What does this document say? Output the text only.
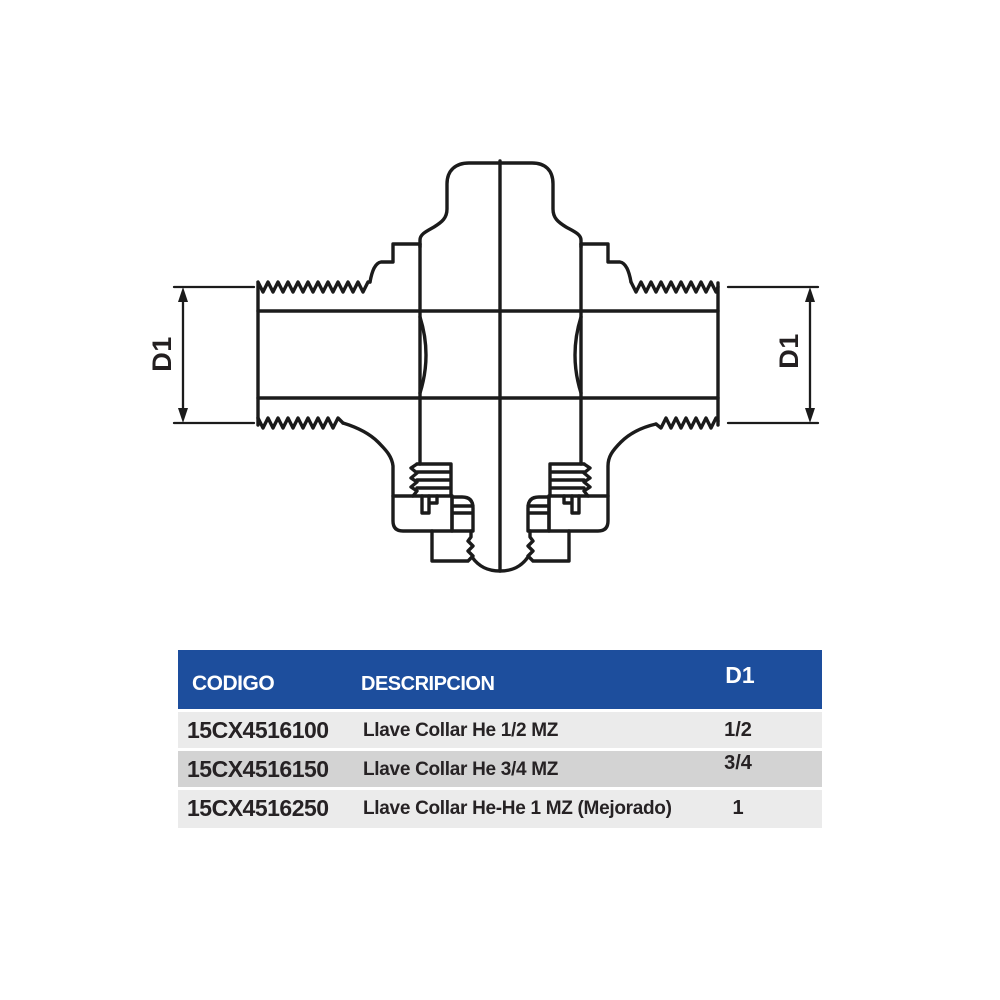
D1	D1
CODIGO	DESCRIPCION	D1
15CX4516100 Llave Collar He 1/2 MZ	1/2
15CX4516150 Llave Collar He 3/4 MZ	3/4
15CX4516250 Llave Collar He-He 1 MZ (Mejorado)	1
